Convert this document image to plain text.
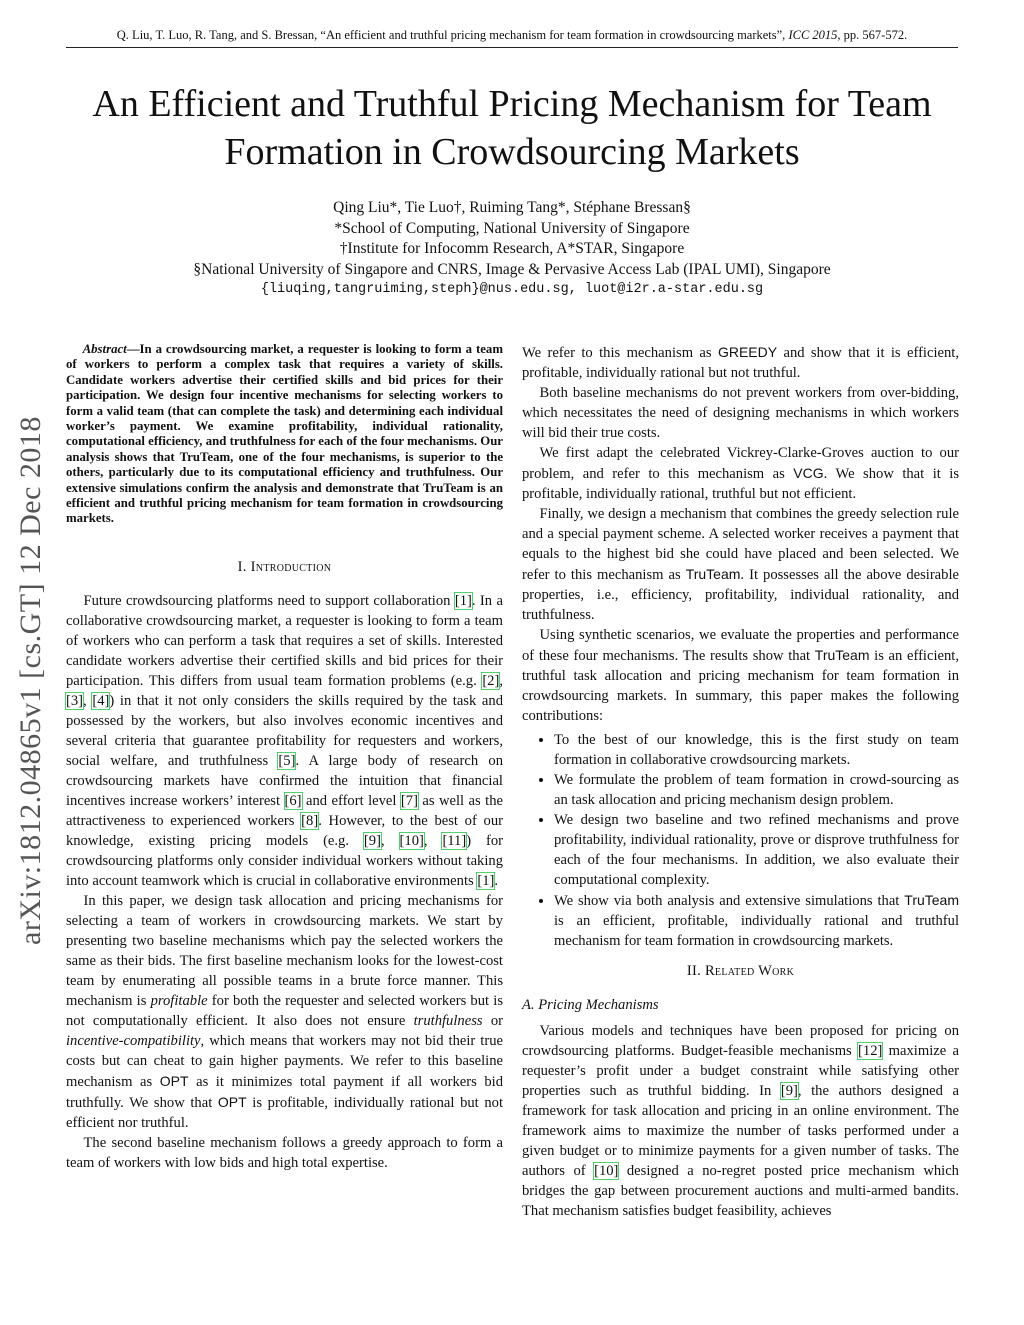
Q. Liu, T. Luo, R. Tang, and S. Bressan, “An efficient and truthful pricing mechanism for team formation in crowdsourcing markets”, ICC 2015, pp. 567-572.
An Efficient and Truthful Pricing Mechanism for Team Formation in Crowdsourcing Markets
Qing Liu*, Tie Luo†, Ruiming Tang*, Stéphane Bressan§
*School of Computing, National University of Singapore
†Institute for Infocomm Research, A*STAR, Singapore
§National University of Singapore and CNRS, Image & Pervasive Access Lab (IPAL UMI), Singapore
{liuqing,tangruiming,steph}@nus.edu.sg, luot@i2r.a-star.edu.sg
arXiv:1812.04865v1 [cs.GT] 12 Dec 2018

Abstract—In a crowdsourcing market, a requester is looking to form a team of workers to perform a complex task that requires a variety of skills. Candidate workers advertise their certified skills and bid prices for their participation. We design four incentive mechanisms for selecting workers to form a valid team (that can complete the task) and determining each individual worker’s payment. We examine profitability, individual rationality, computational efficiency, and truthfulness for each of the four mechanisms. Our analysis shows that TruTeam, one of the four mechanisms, is superior to the others, particularly due to its computational efficiency and truthfulness. Our extensive simulations confirm the analysis and demonstrate that TruTeam is an efficient and truthful pricing mechanism for team formation in crowdsourcing markets.

I. Introduction

Future crowdsourcing platforms need to support collaboration [1]. In a collaborative crowdsourcing market, a requester is looking to form a team of workers who can perform a task that requires a set of skills. Interested candidate workers advertise their certified skills and bid prices for their participation. This differs from usual team formation problems (e.g. [2], [3], [4]) in that it not only considers the skills required by the task and possessed by the workers, but also involves economic incentives and several criteria that guarantee profitability for requesters and workers, social welfare, and truthfulness [5]. A large body of research on crowdsourcing markets have confirmed the intuition that financial incentives increase workers’ interest [6] and effort level [7] as well as the attractiveness to experienced workers [8]. However, to the best of our knowledge, existing pricing models (e.g. [9], [10], [11]) for crowdsourcing platforms only consider individual workers without taking into account teamwork which is crucial in collaborative environments [1].

In this paper, we design task allocation and pricing mechanisms for selecting a team of workers in crowdsourcing markets. We start by presenting two baseline mechanisms which pay the selected workers the same as their bids. The first baseline mechanism looks for the lowest-cost team by enumerating all possible teams in a brute force manner. This mechanism is profitable for both the requester and selected workers but is not computationally efficient. It also does not ensure truthfulness or incentive-compatibility, which means that workers may not bid their true costs but can cheat to gain higher payments. We refer to this baseline mechanism as OPT as it minimizes total payment if all workers bid truthfully. We show that OPT is profitable, individually rational but not efficient nor truthful.

The second baseline mechanism follows a greedy approach to form a team of workers with low bids and high total expertise.

We refer to this mechanism as GREEDY and show that it is efficient, profitable, individually rational but not truthful.

Both baseline mechanisms do not prevent workers from over-bidding, which necessitates the need of designing mechanisms in which workers will bid their true costs.

We first adapt the celebrated Vickrey-Clarke-Groves auction to our problem, and refer to this mechanism as VCG. We show that it is profitable, individually rational, truthful but not efficient.

Finally, we design a mechanism that combines the greedy selection rule and a special payment scheme. A selected worker receives a payment that equals to the highest bid she could have placed and been selected. We refer to this mechanism as TruTeam. It possesses all the above desirable properties, i.e., efficiency, profitability, individual rationality, and truthfulness.

Using synthetic scenarios, we evaluate the properties and performance of these four mechanisms. The results show that TruTeam is an efficient, truthful task allocation and pricing mechanism for team formation in crowdsourcing markets. In summary, this paper makes the following contributions:

• To the best of our knowledge, this is the first study on team formation in collaborative crowdsourcing markets.
• We formulate the problem of team formation in crowd-sourcing as an task allocation and pricing mechanism design problem.
• We design two baseline and two refined mechanisms and prove profitability, individual rationality, prove or disprove truthfulness for each of the four mechanisms. In addition, we also evaluate their computational complexity.
• We show via both analysis and extensive simulations that TruTeam is an efficient, profitable, individually rational and truthful mechanism for team formation in crowdsourcing markets.
II. Related Work
A. Pricing Mechanisms

Various models and techniques have been proposed for pricing on crowdsourcing platforms. Budget-feasible mechanisms [12] maximize a requester’s profit under a budget constraint while satisfying other properties such as truthful bidding. In [9], the authors designed a framework for task allocation and pricing in an online environment. The framework aims to maximize the number of tasks performed under a given budget or to minimize payments for a given number of tasks. The authors of [10] designed a no-regret posted price mechanism which bridges the gap between procurement auctions and multi-armed bandits. That mechanism satisfies budget feasibility, achieves
